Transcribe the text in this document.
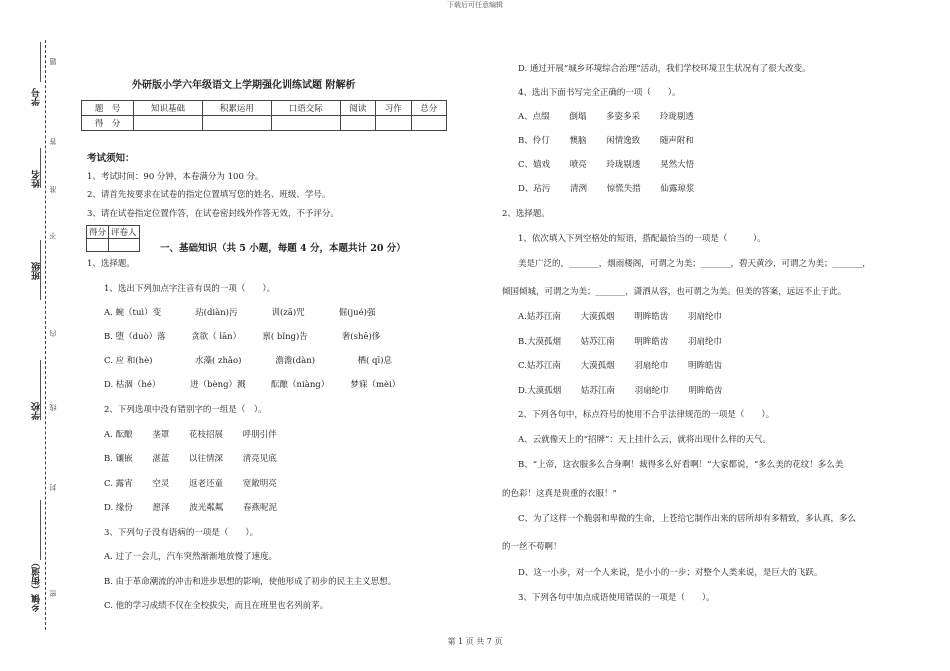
下载后可任意编辑
第 1 页 共 7 页
学号
姓名
班级
学校
乡镇（街道） 密
封
线
内
不
准
答
题
外研版小学六年级语文上学期强化训练试题 附解析
题　号	知识基础	积累运用	口语交际	阅读	习作	总分
得　分						
考试须知：
1、考试时间：90 分钟，本卷满分为 100 分。
2、请首先按要求在试卷的指定位置填写您的姓名、班级、学号。
3、请在试卷指定位置作答，在试卷密封线外作答无效，不予评分。
得分	评卷人

一、基础知识（共 5 小题，每题 4 分，本题共计 20 分）
1、选择题。
1、选出下列加点字注音有误的一项（　　）。
A. 蜿（tuì）变　　　　玷(diàn)污　　　　训(zā)咒　　　　倔(jué)强
B. 堕（duò）落　　　贪欲（ lān）　　　禀( bǐng)告　　　　奢(shē)侈
C. 应 和(hè)　　　　　水藻( zhǎo)　　　　澹澹(dàn)　　　　　栖( qī)息
D. 枯涸（hé）　　　　迸（bèng）溅　　　酝酿（niàng）　　　梦寐（mèi）
2、下列选项中没有错别字的一组是（　）。
A. 酝酿　　 垄罩　　 花枝招展　　 呼朋引伴
B. 镶嵌　　 湛蓝　　 以往情深　　 清亮见底
C. 露宵　　 空灵　　 返老还童　　 宽敞明亮
D. 缘份　　 愿泽　　 波光粼粼　　 春燕呢泥
3、下列句子没有语病的一项是（　　）。
A. 过了一会儿，汽车突然渐渐地放慢了速度。
B. 由于革命潮流的冲击和进步思想的影响，使他形成了初步的民主主义思想。
C. 他的学习成绩不仅在全校拔尖，而且在班里也名列前茅。
D. 通过开展“城乡环境综合治理”活动，我们学校环境卫生状况有了很大改变。
4、选出下面书写完全正确的一项（　　）。
A、点缀　　 倒塌　　 多姿多采　　 玲珑剔透
B、伶仃　　 懊脑　　 闲情逸致　　 随声附和
C、嬉戏　　 喷亮　　 玲珑剔透　　 晃然大悟
D、玷污　　 清洌　　 惊慌失措　　 仙露琼浆
2、选择题。
1、依次填入下列空格处的短语，搭配最恰当的一项是（　　　）。
美是广泛的，_______，烟雨楼阁，可谓之为美；_______，碧天黄沙，可谓之为美；_______，
倾国倾城，可谓之为美；_______，潇洒从容，也可谓之为美。但美的答案，远远不止于此。
A.姑苏江南　　 大漠孤烟　　 明眸皓齿　　 羽扇纶巾
B.大漠孤烟　　 姑苏江南　　 明眸皓齿　　 羽扇纶巾
C.姑苏江南　　 大漠孤烟　　 羽扇纶巾　　 明眸皓齿
D.大漠孤烟　　 姑苏江南　　 羽扇纶巾　　 明眸皓齿
2、下列各句中，标点符号的使用不合乎法律规范的一项是（　　）。
A、云就像天上的“招牌”：天上挂什么云，就将出现什么样的天气。
B、“上帝，这衣服多么合身啊！裁得多么好看啊！”大家都说，“多么美的花纹！多么美
的色彩！这真是贵重的衣服！”
C、为了这样一个脆弱和卑微的生命，上苍给它制作出来的居所却有多精致，多认真，多么
的一丝不苟啊！
D、这一小步，对一个人来说，是小小的一步；对整个人类来说，是巨大的飞跃。
3、下列各句中加点成语使用错误的一项是（　　）。
